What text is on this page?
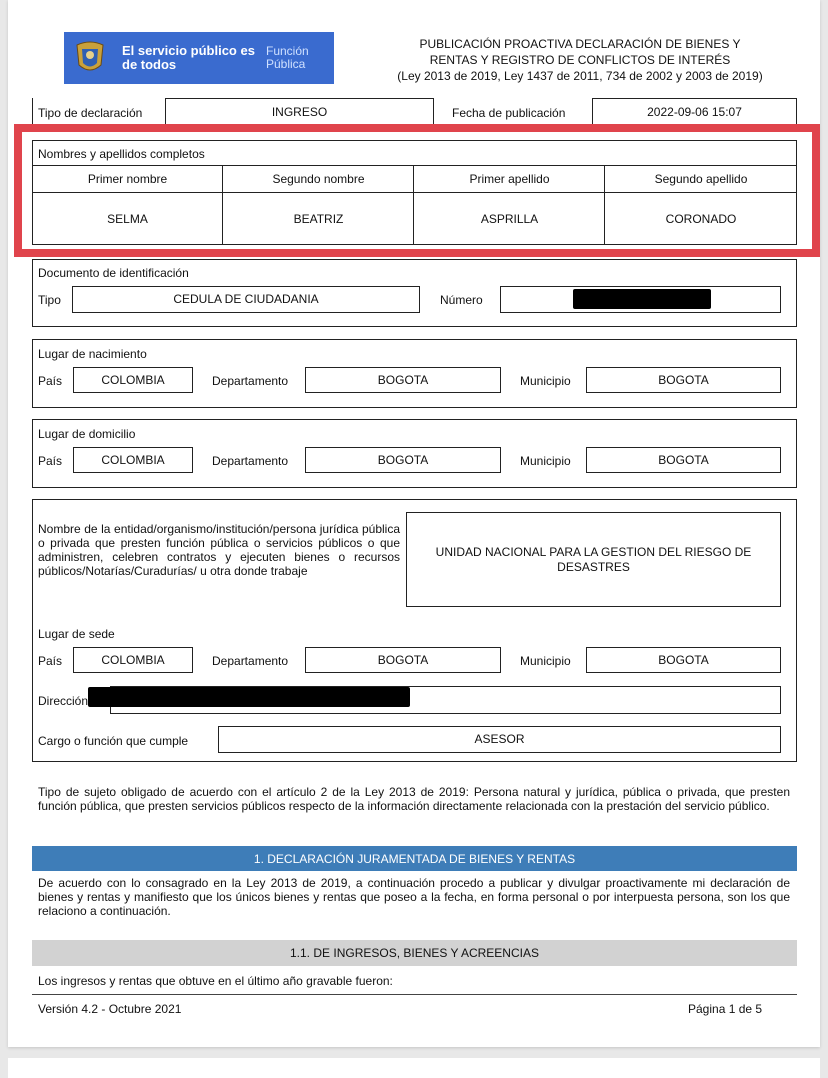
El servicio público es de todos
Función Pública
PUBLICACIÓN PROACTIVA DECLARACIÓN DE BIENES Y
RENTAS Y REGISTRO DE CONFLICTOS DE INTERÉS
(Ley 2013 de 2019, Ley 1437 de 2011, 734 de 2002 y 2003 de 2019)
Tipo de declaración	INGRESO	Fecha de publicación	2022-09-06 15:07
Nombres y apellidos completos
Primer nombre	Segundo nombre	Primer apellido	Segundo apellido
SELMA	BEATRIZ	ASPRILLA	CORONADO
Documento de identificación
Tipo	CEDULA DE CIUDADANIA	Número
Lugar de nacimiento
País	COLOMBIA	Departamento	BOGOTA	Municipio	BOGOTA
Lugar de domicilio
País	COLOMBIA	Departamento	BOGOTA	Municipio	BOGOTA
Nombre de la entidad/organismo/institución/persona jurídica pública o privada que presten función pública o servicios públicos o que administren, celebren contratos y ejecuten bienes o recursos públicos/Notarías/Curadurías/ u otra donde trabaje
UNIDAD NACIONAL PARA LA GESTION DEL RIESGO DE DESASTRES
Lugar de sede
País	COLOMBIA	Departamento	BOGOTA	Municipio	BOGOTA
Dirección
Cargo o función que cumple	ASESOR
Tipo de sujeto obligado de acuerdo con el artículo 2 de la Ley 2013 de 2019: Persona natural y jurídica, pública o privada, que presten función pública, que presten servicios públicos respecto de la información directamente relacionada con la prestación del servicio público.
1. DECLARACIÓN JURAMENTADA DE BIENES Y RENTAS
De acuerdo con lo consagrado en la Ley 2013 de 2019, a continuación procedo a publicar y divulgar proactivamente mi declaración de bienes y rentas y manifiesto que los únicos bienes y rentas que poseo a la fecha, en forma personal o por interpuesta persona, son los que relaciono a continuación.
1.1. DE INGRESOS, BIENES Y ACREENCIAS
Los ingresos y rentas que obtuve en el último año gravable fueron:
Versión 4.2 - Octubre 2021	Página 1 de 5
